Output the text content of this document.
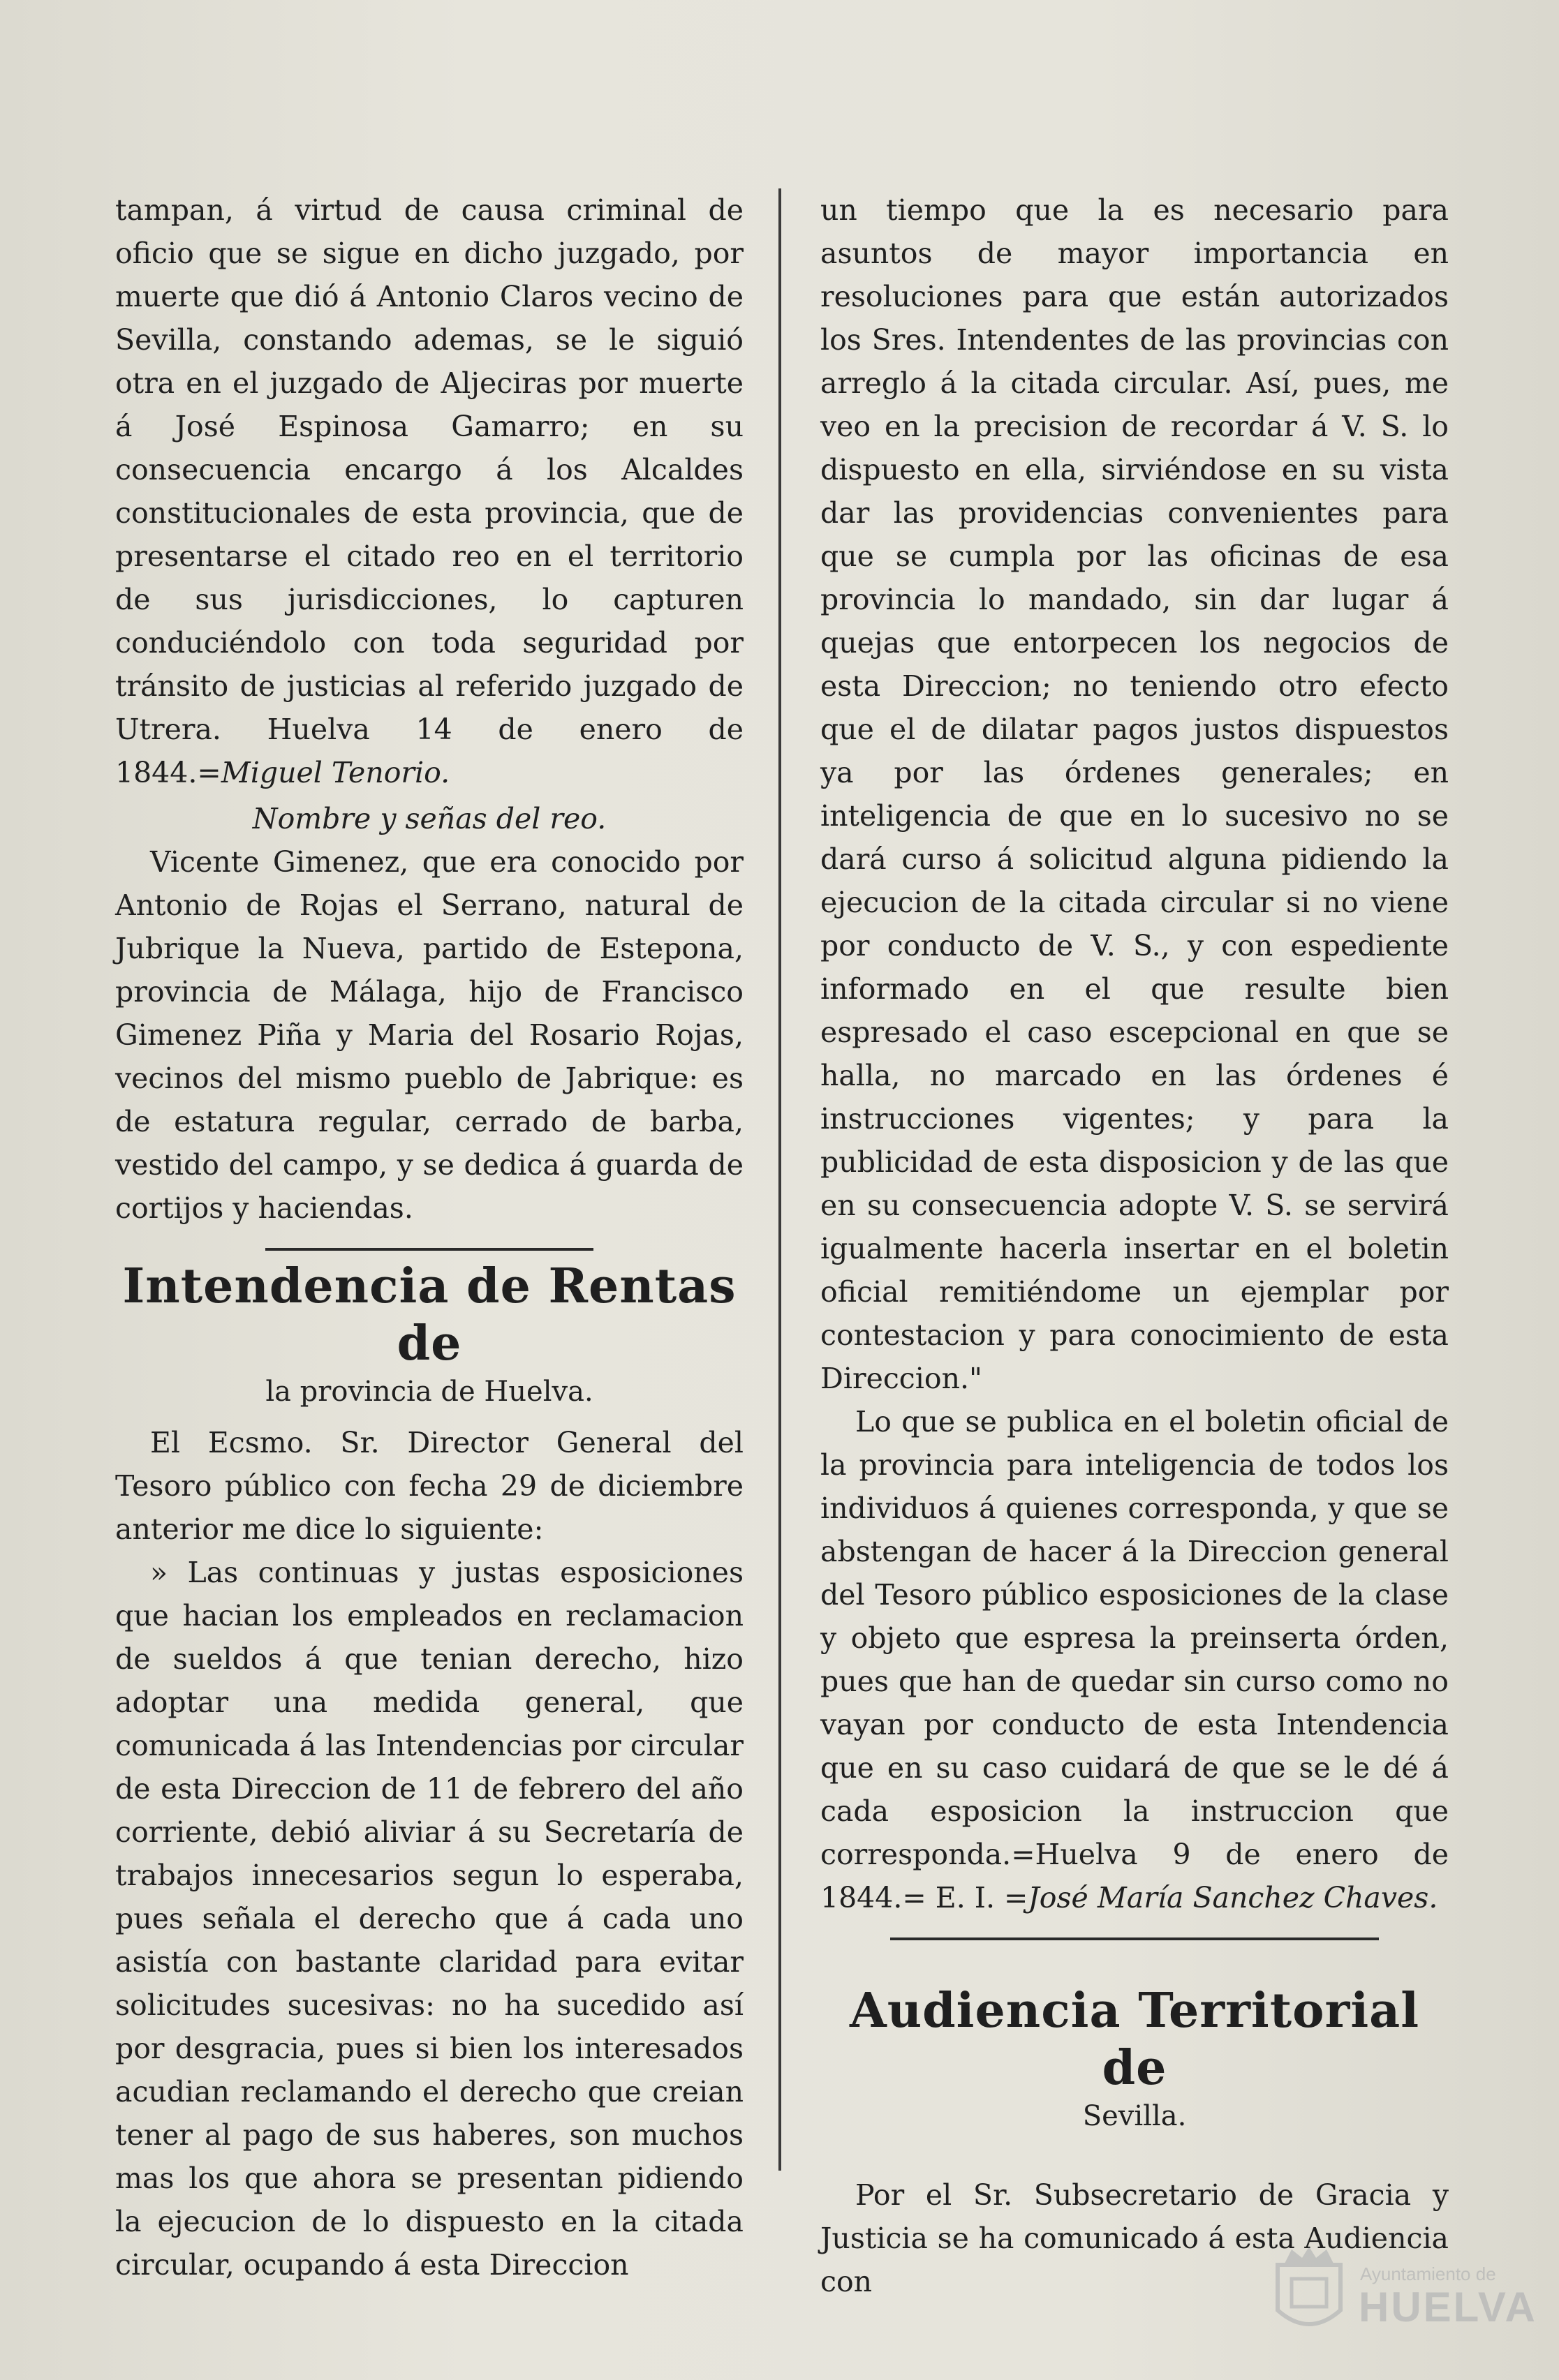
tampan, á virtud de causa criminal de oficio que se sigue en dicho juzgado, por muerte que dió á Antonio Claros vecino de Sevilla, constando ademas, se le siguió otra en el juzgado de Aljeciras por muerte á José Espinosa Gamarro; en su consecuencia encargo á los Alcaldes constitucionales de esta provincia, que de presentarse el citado reo en el territorio de sus jurisdicciones, lo capturen conduciéndolo con toda seguridad por tránsito de justicias al referido juzgado de Utrera. Huelva 14 de enero de 1844.=Miguel Tenorio.

Nombre y señas del reo.

Vicente Gimenez, que era conocido por Antonio de Rojas el Serrano, natural de Jubrique la Nueva, partido de Estepona, provincia de Málaga, hijo de Francisco Gimenez Piña y Maria del Rosario Rojas, vecinos del mismo pueblo de Jabrique: es de estatura regular, cerrado de barba, vestido del campo, y se dedica á guarda de cortijos y haciendas.

Intendencia de Rentas de
la provincia de Huelva.

El Ecsmo. Sr. Director General del Tesoro público con fecha 29 de diciembre anterior me dice lo siguiente:

» Las continuas y justas esposiciones que hacian los empleados en reclamacion de sueldos á que tenian derecho, hizo adoptar una medida general, que comunicada á las Intendencias por circular de esta Direccion de 11 de febrero del año corriente, debió aliviar á su Secretaría de trabajos innecesarios segun lo esperaba, pues señala el derecho que á cada uno asistía con bastante claridad para evitar solicitudes sucesivas: no ha sucedido así por desgracia, pues si bien los interesados acudian reclamando el derecho que creian tener al pago de sus haberes, son muchos mas los que ahora se presentan pidiendo la ejecucion de lo dispuesto en la citada circular, ocupando á esta Direccion

un tiempo que la es necesario para asuntos de mayor importancia en resoluciones para que están autorizados los Sres. Intendentes de las provincias con arreglo á la citada circular. Así, pues, me veo en la precision de recordar á V. S. lo dispuesto en ella, sirviéndose en su vista dar las providencias convenientes para que se cumpla por las oficinas de esa provincia lo mandado, sin dar lugar á quejas que entorpecen los negocios de esta Direccion; no teniendo otro efecto que el de dilatar pagos justos dispuestos ya por las órdenes generales; en inteligencia de que en lo sucesivo no se dará curso á solicitud alguna pidiendo la ejecucion de la citada circular si no viene por conducto de V. S., y con espediente informado en el que resulte bien espresado el caso escepcional en que se halla, no marcado en las órdenes é instrucciones vigentes; y para la publicidad de esta disposicion y de las que en su consecuencia adopte V. S. se servirá igualmente hacerla insertar en el boletin oficial remitiéndome un ejemplar por contestacion y para conocimiento de esta Direccion."

Lo que se publica en el boletin oficial de la provincia para inteligencia de todos los individuos á quienes corresponda, y que se abstengan de hacer á la Direccion general del Tesoro público esposiciones de la clase y objeto que espresa la preinserta órden, pues que han de quedar sin curso como no vayan por conducto de esta Intendencia que en su caso cuidará de que se le dé á cada esposicion la instruccion que corresponda.=Huelva 9 de enero de 1844.= E. I. =José María Sanchez Chaves.

Audiencia Territorial de
Sevilla.

Por el Sr. Subsecretario de Gracia y Justicia se ha comunicado á esta Audiencia con	Ayuntamiento de
HUELVA
